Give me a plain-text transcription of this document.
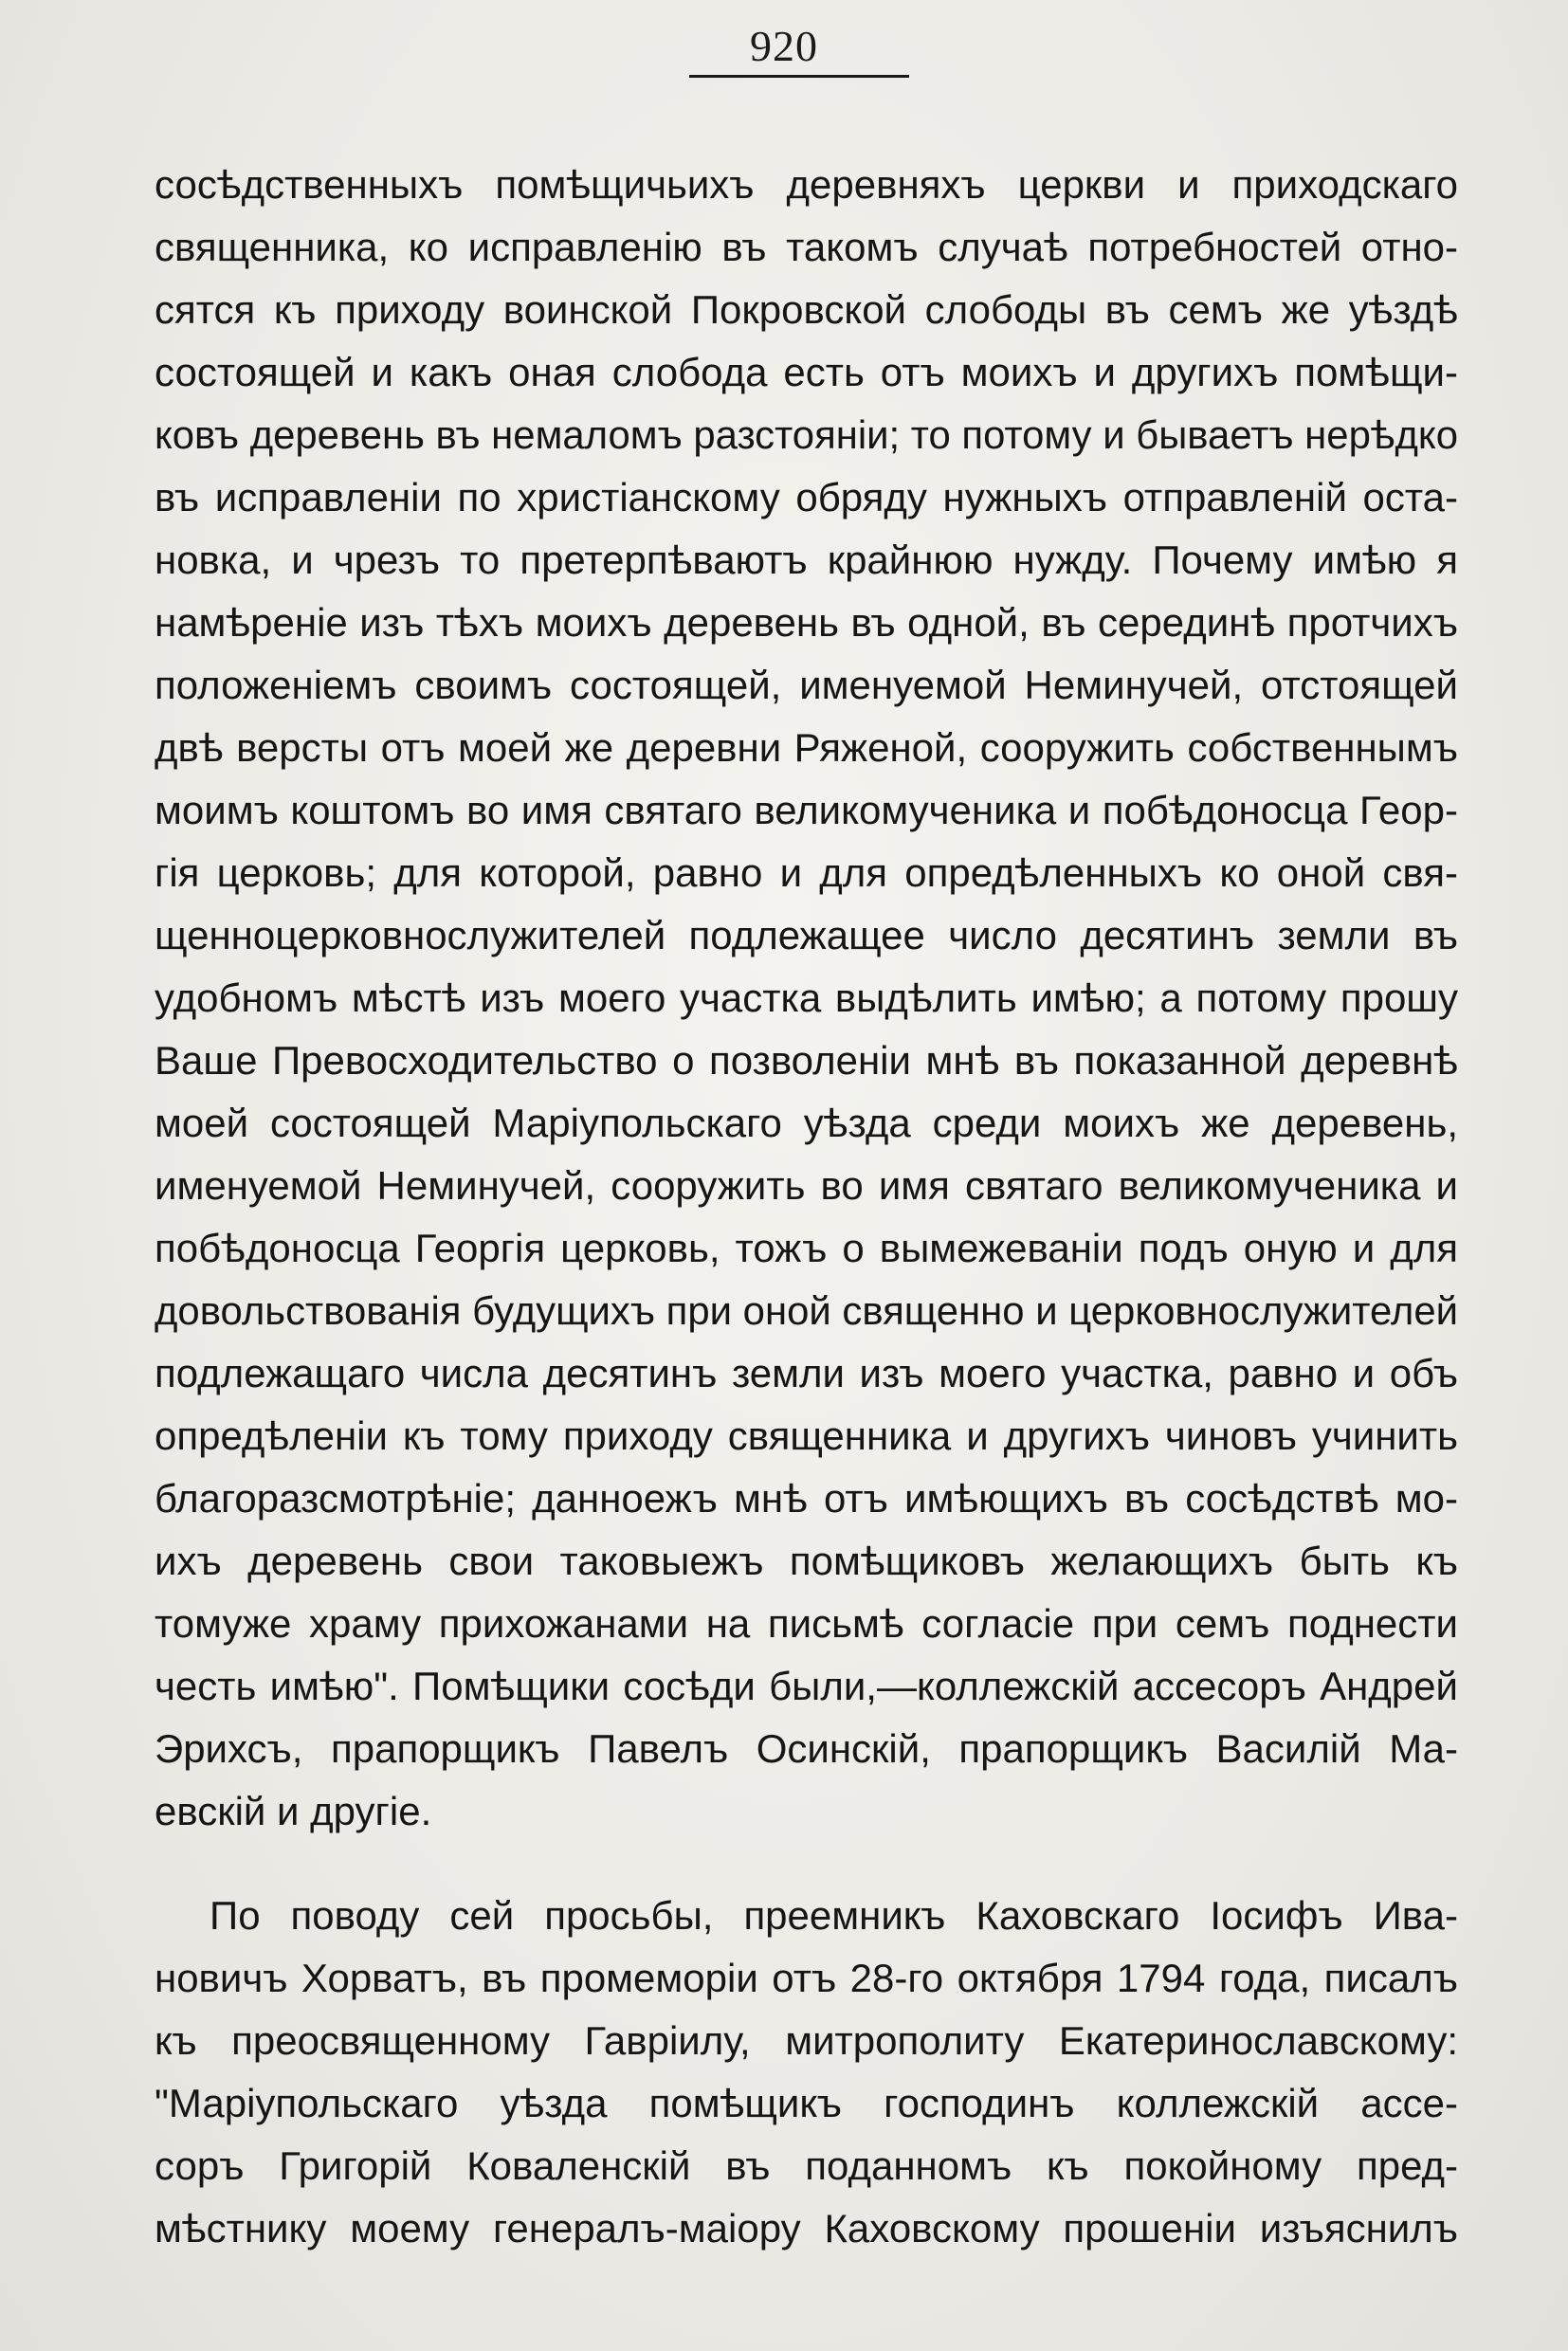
920
сосѣдственныхъ помѣщичьихъ деревняхъ церкви и приходскаго
священника, ко исправленію въ такомъ случаѣ потребностей отно-
сятся къ приходу воинской Покровской слободы въ семъ же уѣздѣ
состоящей и какъ оная слобода есть отъ моихъ и другихъ помѣщи-
ковъ деревень въ немаломъ разстояніи; то потому и бываетъ нерѣдко
въ исправленіи по христіанскому обряду нужныхъ отправленій оста-
новка, и чрезъ то претерпѣваютъ крайнюю нужду. Почему имѣю я
намѣреніе изъ тѣхъ моихъ деревень въ одной, въ серединѣ протчихъ
положеніемъ своимъ состоящей, именуемой Неминучей, отстоящей
двѣ версты отъ моей же деревни Ряженой, сооружить собственнымъ
моимъ коштомъ во имя святаго великомученика и побѣдоносца Геор-
гія церковь; для которой, равно и для опредѣленныхъ ко оной свя-
щенноцерковнослужителей подлежащее число десятинъ земли въ
удобномъ мѣстѣ изъ моего участка выдѣлить имѣю; а потому прошу
Ваше Превосходительство о позволеніи мнѣ въ показанной деревнѣ
моей состоящей Маріупольскаго уѣзда среди моихъ же деревень,
именуемой Неминучей, сооружить во имя святаго великомученика и
побѣдоносца Георгія церковь, тожъ о вымежеваніи подъ оную и для
довольствованія будущихъ при оной священно и церковнослужителей
подлежащаго числа десятинъ земли изъ моего участка, равно и объ
опредѣленіи къ тому приходу священника и другихъ чиновъ учинить
благоразсмотрѣніе; данноежъ мнѣ отъ имѣющихъ въ сосѣдствѣ мо-
ихъ деревень свои таковыежъ помѣщиковъ желающихъ быть къ
томуже храму прихожанами на письмѣ согласіе при семъ поднести
честь имѣю". Помѣщики сосѣди были,—коллежскій ассесоръ Андрей
Эрихсъ, прапорщикъ Павелъ Осинскій, прапорщикъ Василій Ма-
евскій и другіе.
По поводу сей просьбы, преемникъ Каховскаго Іосифъ Ива-
новичъ Хорватъ, въ промеморіи отъ 28-го октября 1794 года, писалъ
къ преосвященному Гавріилу, митрополиту Екатеринославскому:
"Маріупольскаго уѣзда помѣщикъ господинъ коллежскій ассе-
соръ Григорій Коваленскій въ поданномъ къ покойному пред-
мѣстнику моему генералъ-маіору Каховскому прошеніи изъяснилъ
